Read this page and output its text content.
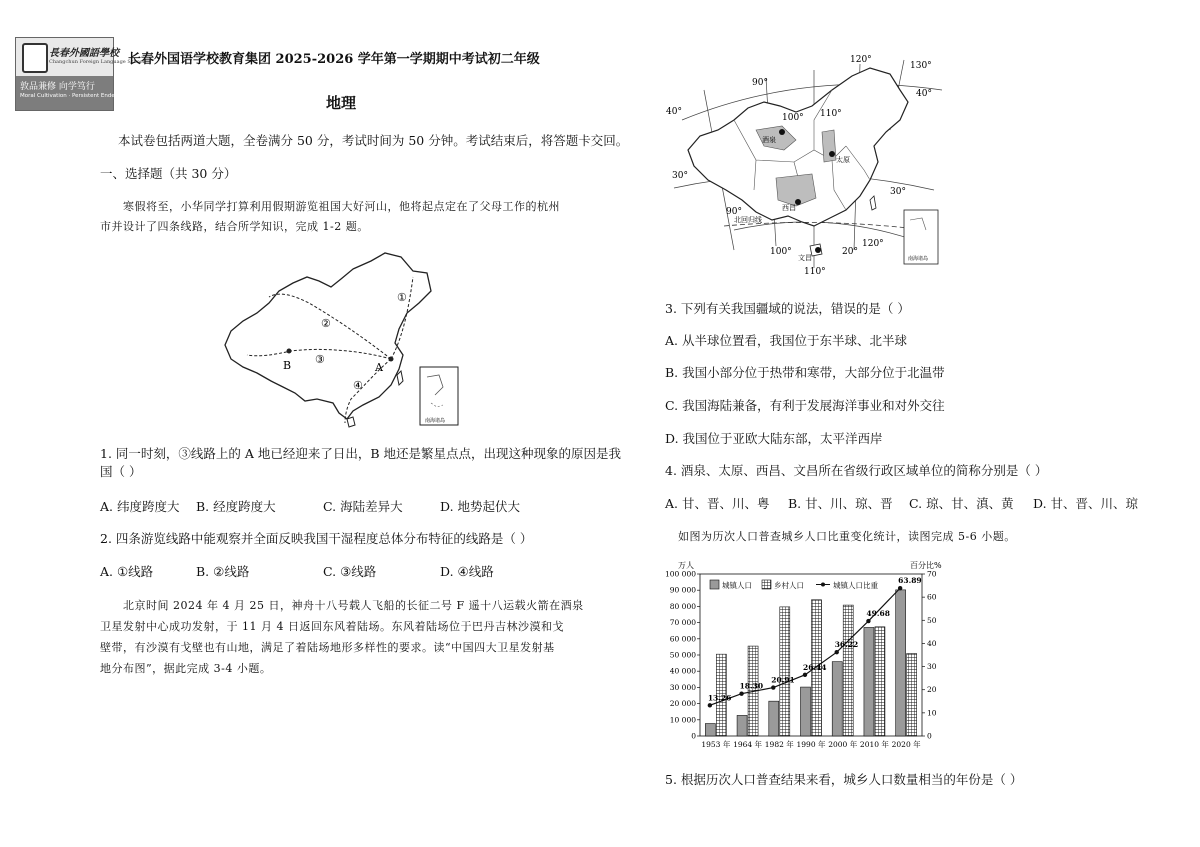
長春外國語學校
Changchun Foreign Language School
敦品兼修 向学笃行
Moral Cultivation · Persistent Endeavor
长春外国语学校教育集团 2025-2026 学年第一学期期中考试初二年级
地理
本试卷包括两道大题，全卷满分 50 分，考试时间为 50 分钟。考试结束后，将答题卡交回。
一、选择题（共 30 分）
寒假将至，小华同学打算利用假期游览祖国大好河山，他将起点定在了父母工作的杭州
市并设计了四条线路，结合所学知识，完成 1-2 题。
①
②
③
④
A
B
南海诸岛
1. 同一时刻，③线路上的 A 地已经迎来了日出，B 地还是繁星点点，出现这种现象的原因是我
国（ ）
A. 纬度跨度大 B. 经度跨度大	C. 海陆差异大	D. 地势起伏大
2. 四条游览线路中能观察并全面反映我国干湿程度总体分布特征的线路是（ ）
A. ①线路	B. ②线路	C. ③线路	D. ④线路
北京时间 2024 年 4 月 25 日，神舟十八号载人飞船的长征二号 F 遥十八运载火箭在酒泉
卫星发射中心成功发射，于 11 月 4 日返回东风着陆场。东风着陆场位于巴丹吉林沙漠和戈
壁带，有沙漠有戈壁也有山地，满足了着陆场地形多样性的要求。读“中国四大卫星发射基
地分布图”，据此完成 3-4 小题。
酒泉
太原
西昌
文昌
90°
100° 110°
120°
130°
90°
100°
110°
120°
40°
40°
30°
30°
20°
北回归线
南海诸岛
3. 下列有关我国疆域的说法，错误的是（ ）
A. 从半球位置看，我国位于东半球、北半球
B. 我国小部分位于热带和寒带，大部分位于北温带
C. 我国海陆兼备，有利于发展海洋事业和对外交往
D. 我国位于亚欧大陆东部，太平洋西岸
4. 酒泉、太原、西昌、文昌所在省级行政区域单位的简称分别是（ ）
A. 甘、晋、川、粤 B. 甘、川、琼、晋 C. 琼、甘、滇、黄 D. 甘、晋、川、琼
如图为历次人口普查城乡人口比重变化统计，读图完成 5-6 小题。
万人	百分比%
0
10 000
20 000
30 000
40 000
50 000
60 000
70 000
80 000
90 000
100 000
0
10
20
30
40
50
60
70
13.26
18.30
20.91
26.44
36.22
49.68
63.89
1953 年 1964 年 1982 年 1990 年 2000 年 2010 年 2020 年
城镇人口	乡村人口	城镇人口比重
5. 根据历次人口普查结果来看，城乡人口数量相当的年份是（ ）
